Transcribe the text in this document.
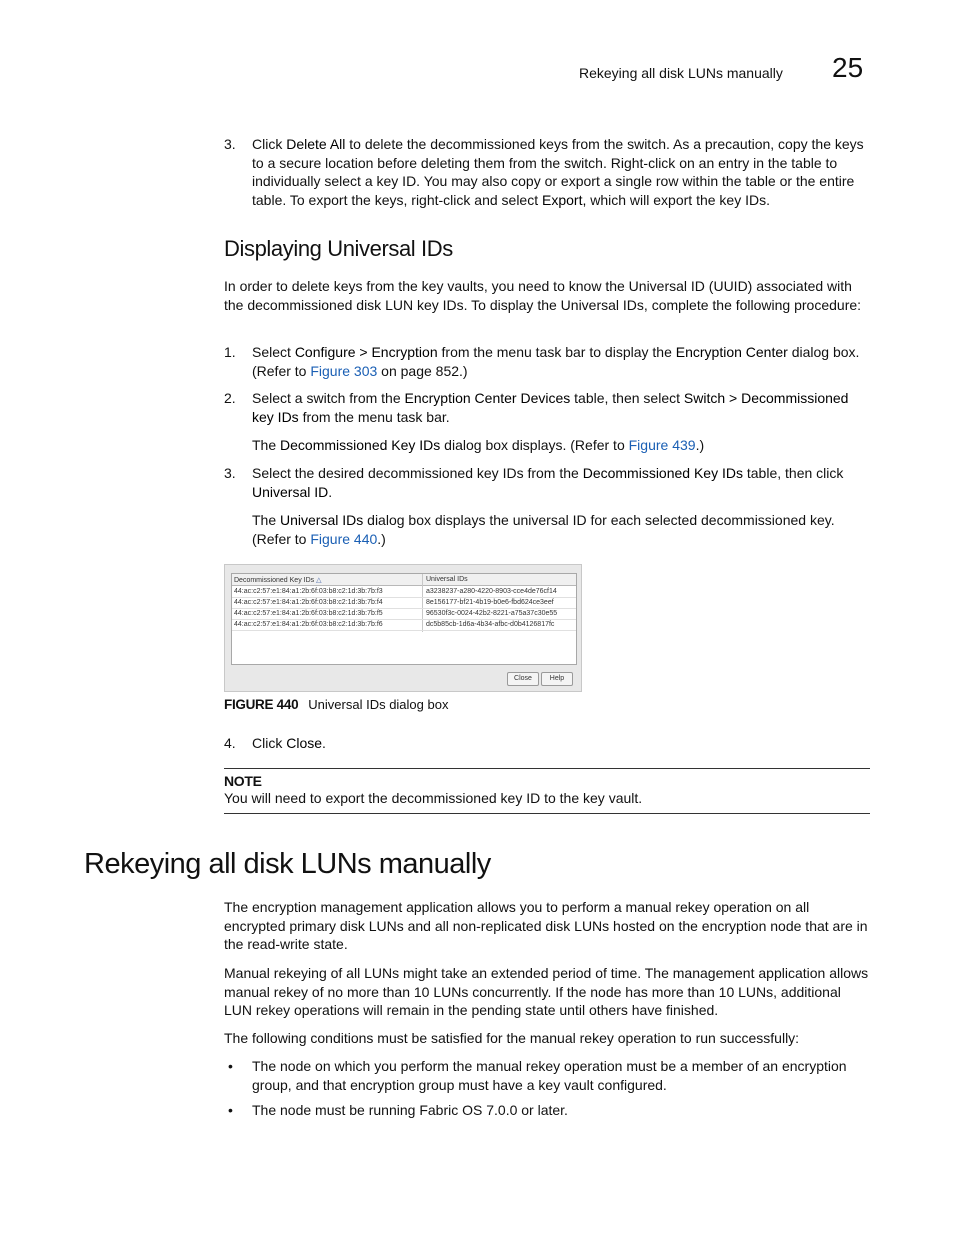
Rekeying all disk LUNs manually 25
3.	Click Delete All to delete the decommissioned keys from the switch. As a precaution, copy the keys to a secure location before deleting them from the switch. Right-click on an entry in the table to individually select a key ID. You may also copy or export a single row within the table or the entire table. To export the keys, right-click and select Export, which will export the key IDs.
Displaying Universal IDs

In order to delete keys from the key vaults, you need to know the Universal ID (UUID) associated with the decommissioned disk LUN key IDs. To display the Universal IDs, complete the following procedure:

1.	Select Configure > Encryption from the menu task bar to display the Encryption Center dialog box. (Refer to Figure 303 on page 852.)
2.	Select a switch from the Encryption Center Devices table, then select Switch > Decommissioned key IDs from the menu task bar.
The Decommissioned Key IDs dialog box displays. (Refer to Figure 439.)
3.	Select the desired decommissioned key IDs from the Decommissioned Key IDs table, then click Universal ID.
The Universal IDs dialog box displays the universal ID for each selected decommissioned key. (Refer to Figure 440.)
Decommissioned Key IDs △	Universal IDs
44:ac:c2:57:e1:84:a1:2b:6f:03:b8:c2:1d:3b:7b:f3	a3238237-a280-4220-8903-cce4de76cf14
44:ac:c2:57:e1:84:a1:2b:6f:03:b8:c2:1d:3b:7b:f4	8e156177-bf21-4b19-b0e6-fbd624ce3eef
44:ac:c2:57:e1:84:a1:2b:6f:03:b8:c2:1d:3b:7b:f5	96530f3c-0024-42b2-8221-a75a37c30e55
44:ac:c2:57:e1:84:a1:2b:6f:03:b8:c2:1d:3b:7b:f6	dc5b85cb-1d6a-4b34-afbc-d0b4126817fc
Close	Help
FIGURE 440 Universal IDs dialog box
4.	Click Close.
NOTE
You will need to export the decommissioned key ID to the key vault.
Rekeying all disk LUNs manually

The encryption management application allows you to perform a manual rekey operation on all encrypted primary disk LUNs and all non-replicated disk LUNs hosted on the encryption node that are in the read-write state.

Manual rekeying of all LUNs might take an extended period of time. The management application allows manual rekey of no more than 10 LUNs concurrently. If the node has more than 10 LUNs, additional LUN rekey operations will remain in the pending state until others have finished.

The following conditions must be satisfied for the manual rekey operation to run successfully:

• The node on which you perform the manual rekey operation must be a member of an encryption group, and that encryption group must have a key vault configured.
• The node must be running Fabric OS 7.0.0 or later.
